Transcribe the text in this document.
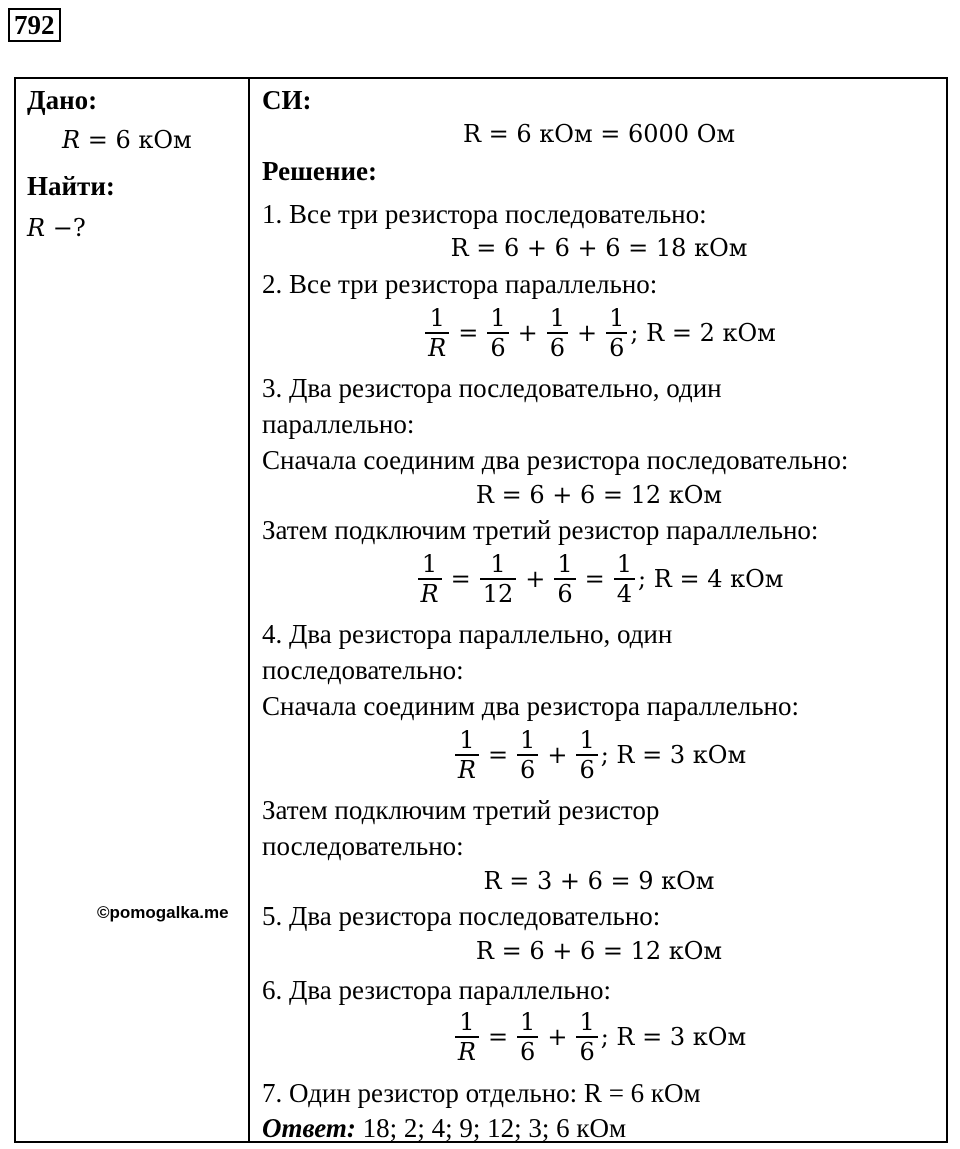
792
Дано:
R = 6 кОм
Найти:
R −?
©pomogalka.me
СИ:
R = 6 кОм = 6000 Ом
Решение:
1. Все три резистора последовательно:
R = 6 + 6 + 6 = 18 кОм
2. Все три резистора параллельно:
$\frac{1}{R} = \frac{1}{6} + \frac{1}{6} + \frac{1}{6}$ ; R = 2 кОм
3. Два резистора последовательно, один
параллельно:
Сначала соединим два резистора последовательно:
R = 6 + 6 = 12 кОм
Затем подключим третий резистор параллельно:
$\frac{1}{R} = \frac{1}{12} + \frac{1}{6} = \frac{1}{4}$ ; R = 4 кОм
4. Два резистора параллельно, один
последовательно:
Сначала соединим два резистора параллельно:
$\frac{1}{R} = \frac{1}{6} + \frac{1}{6}$ ; R = 3 кОм
Затем подключим третий резистор
последовательно:
R = 3 + 6 = 9 кОм
5. Два резистора последовательно:
R = 6 + 6 = 12 кОм
6. Два резистора параллельно:
$\frac{1}{R} = \frac{1}{6} + \frac{1}{6}$ ; R = 3 кОм
7. Один резистор отдельно: R = 6 кОм
Ответ: 18; 2; 4; 9; 12; 3; 6 кОм
